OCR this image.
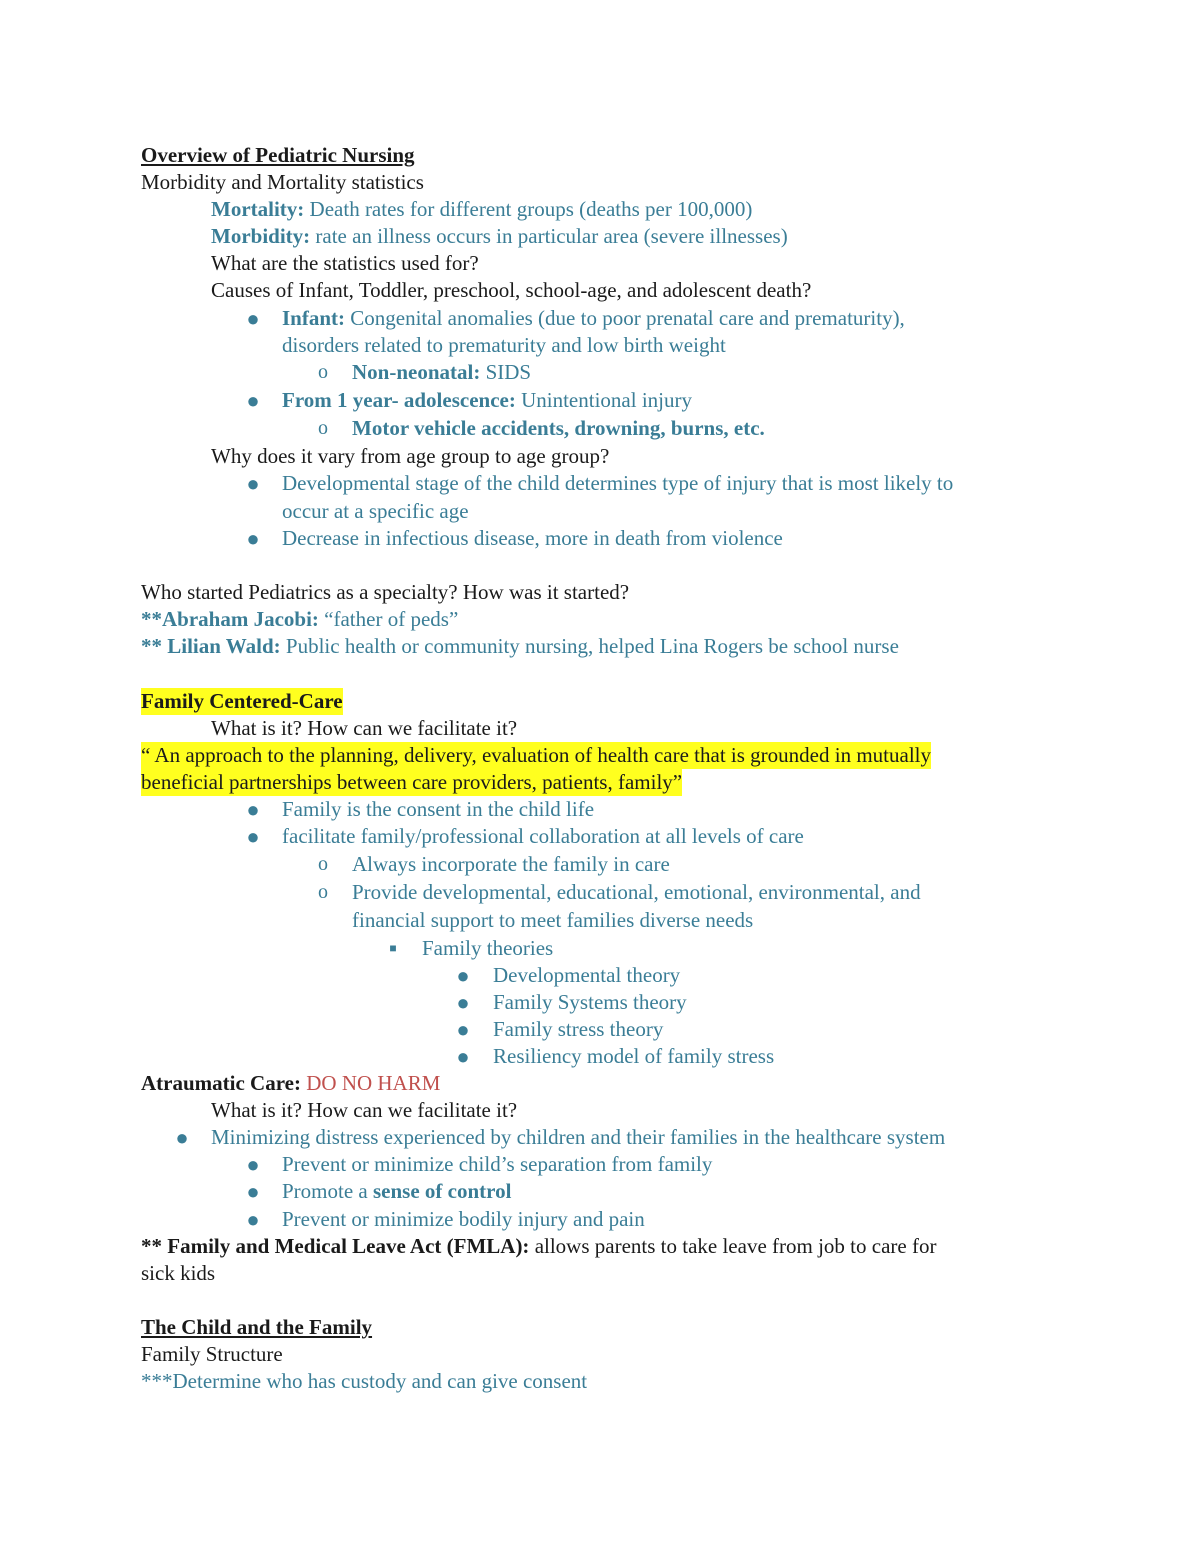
Overview of Pediatric Nursing
Morbidity and Mortality statistics
Mortality: Death rates for different groups (deaths per 100,000)
Morbidity: rate an illness occurs in particular area (severe illnesses)
What are the statistics used for?
Causes of Infant, Toddler, preschool, school-age, and adolescent death?
● Infant: Congenital anomalies (due to poor prenatal care and prematurity),
disorders related to prematurity and low birth weight
o Non-neonatal: SIDS
● From 1 year- adolescence: Unintentional injury
o Motor vehicle accidents, drowning, burns, etc.
Why does it vary from age group to age group?
● Developmental stage of the child determines type of injury that is most likely to
occur at a specific age
● Decrease in infectious disease, more in death from violence
Who started Pediatrics as a specialty? How was it started?
**Abraham Jacobi: “father of peds”
** Lilian Wald: Public health or community nursing, helped Lina Rogers be school nurse
Family Centered-Care
What is it? How can we facilitate it?
“ An approach to the planning, delivery, evaluation of health care that is grounded in mutually
beneficial partnerships between care providers, patients, family”
● Family is the consent in the child life
● facilitate family/professional collaboration at all levels of care
o Always incorporate the family in care
o Provide developmental, educational, emotional, environmental, and
financial support to meet families diverse needs
■	Family theories
● Developmental theory
● Family Systems theory
● Family stress theory
● Resiliency model of family stress
Atraumatic Care: DO NO HARM
What is it? How can we facilitate it?
● Minimizing distress experienced by children and their families in the healthcare system
● Prevent or minimize child’s separation from family
● Promote a sense of control
● Prevent or minimize bodily injury and pain
** Family and Medical Leave Act (FMLA): allows parents to take leave from job to care for
sick kids
The Child and the Family
Family Structure
***Determine who has custody and can give consent
